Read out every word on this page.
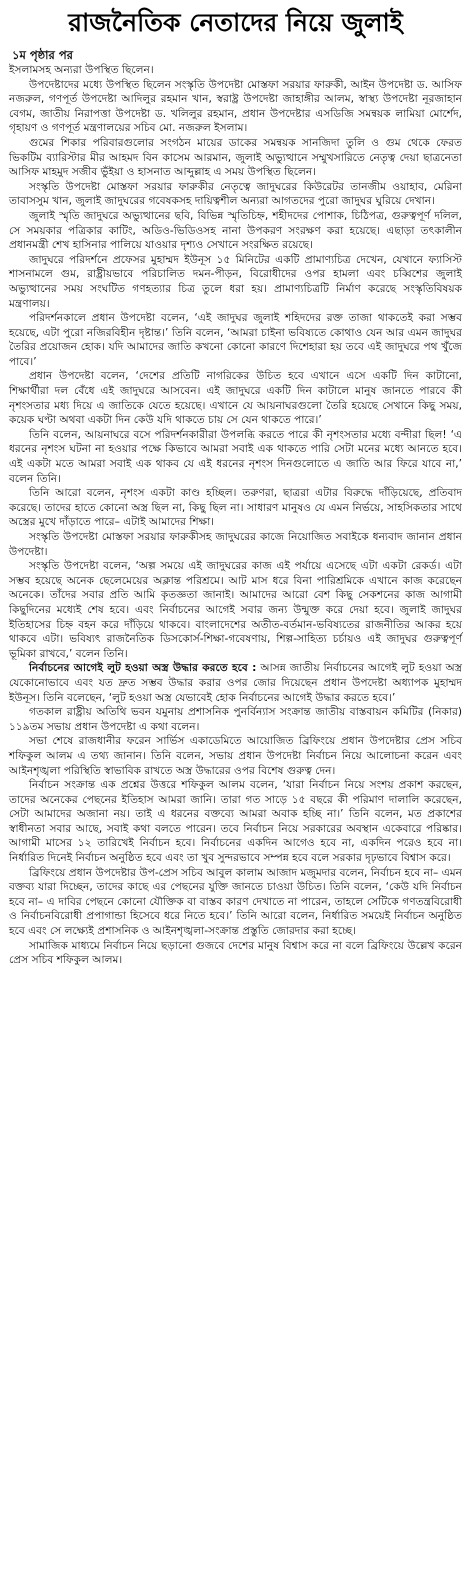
রাজনৈতিক নেতাদের নিয়ে জুলাই
১ম পৃষ্ঠার পর

ইসলামসহ অন্যরা উপস্থিত ছিলেন।

উপদেষ্টাদের মধ্যে উপস্থিত ছিলেন সংস্কৃতি উপদেষ্টা মোস্তফা সরয়ার ফারুকী, আইন উপদেষ্টা ড. আসিফ নজরুল, গণপূর্ত উপদেষ্টা আদিলুর রহমান খান, স্বরাষ্ট্র উপদেষ্টা জাহাঙ্গীর আলম, স্বাস্থ্য উপদেষ্টা নূরজাহান বেগম, জাতীয় নিরাপত্তা উপদেষ্টা ড. খলিলুর রহমান, প্রধান উপদেষ্টার এসডিজি সমন্বয়ক লামিয়া মোর্শেদ, গৃহায়ণ ও গণপূর্ত মন্ত্রণালয়ের সচিব মো. নজরুল ইসলাম।

গুমের শিকার পরিবারগুলোর সংগঠন মায়ের ডাকের সমন্বয়ক সানজিদা তুলি ও গুম থেকে ফেরত ভিকটিম ব্যারিস্টার মীর আহমদ বিন কাসেম আরমান, জুলাই অভ্যুত্থানে সম্মুখসারিতে নেতৃত্ব দেয়া ছাত্রনেতা আসিফ মাহমুদ সজীব ভুঁইয়া ও হাসনাত আব্দুল্লাহ এ সময় উপস্থিত ছিলেন।

সংস্কৃতি উপদেষ্টা মোস্তফা সরয়ার ফারুকীর নেতৃত্বে জাদুঘরের কিউরেটর তানজীম ওয়াহাব, মেরিনা তাবাসসুম খান, জুলাই জাদুঘরের গবেষকসহ দায়িত্বশীল অন্যরা আগতদের পুরো জাদুঘর ঘুরিয়ে দেখান।

জুলাই স্মৃতি জাদুঘরে অভ্যুত্থানের ছবি, বিভিন্ন স্মৃতিচিহ্ন, শহীদদের পোশাক, চিঠিপত্র, গুরুত্বপূর্ণ দলিল, সে সময়কার পত্রিকার কাটিং, অডিও-ভিডিওসহ নানা উপকরণ সংরক্ষণ করা হয়েছে। এছাড়া তৎকালীন প্রধানমন্ত্রী শেখ হাসিনার পালিয়ে যাওয়ার দৃশ্যও সেখানে সংরক্ষিত রয়েছে।

জাদুঘরে পরিদর্শনে প্রফেসর মুহাম্মদ ইউনূস ১৫ মিনিটের একটি প্রামাণ্যচিত্র দেখেন, যেখানে ফ্যাসিস্ট শাসনামলে গুম, রাষ্ট্রীয়ভাবে পরিচালিত দমন-পীড়ন, বিরোধীদের ওপর হামলা এবং চব্বিশের জুলাই অভ্যুত্থানের সময় সংঘটিত গণহত্যার চিত্র তুলে ধরা হয়। প্রামাণ্যচিত্রটি নির্মাণ করেছে সংস্কৃতিবিষয়ক মন্ত্রণালয়।

পরিদর্শনকালে প্রধান উপদেষ্টা বলেন, ‘এই জাদুঘর জুলাই শহিদদের রক্ত তাজা থাকতেই করা সম্ভব হয়েছে, এটা পুরো নজিরবিহীন দৃষ্টান্ত।’ তিনি বলেন, ‘আমরা চাইনা ভবিষ্যতে কোথাও যেন আর এমন জাদুঘর তৈরির প্রয়োজন হোক। যদি আমাদের জাতি কখনো কোনো কারণে দিশেহারা হয় তবে এই জাদুঘরে পথ খুঁজে পাবে।’

প্রধান উপদেষ্টা বলেন, ‘দেশের প্রতিটি নাগরিকের উচিত হবে এখানে এসে একটি দিন কাটানো, শিক্ষার্থীরা দল বেঁধে এই জাদুঘরে আসবেন। এই জাদুঘরে একটি দিন কাটালে মানুষ জানতে পারবে কী নৃশংসতার মধ্য দিয়ে এ জাতিকে যেতে হয়েছে। এখানে যে আয়নাঘরগুলো তৈরি হয়েছে সেখানে কিছু সময়, কয়েক ঘণ্টা অথবা একটা দিন কেউ যদি থাকতে চায় সে যেন থাকতে পারে।’

তিনি বলেন, আয়নাঘরে বসে পরিদর্শনকারীরা উপলব্ধি করতে পারে কী নৃশংসতার মধ্যে বন্দীরা ছিল! ‘এ ধরনের নৃশংস ঘটনা না হওয়ার পক্ষে কিভাবে আমরা সবাই এক থাকতে পারি সেটা মনের মধ্যে আনতে হবে। এই একটা মতে আমরা সবাই এক থাকব যে এই ধরনের নৃশংস দিনগুলোতে এ জাতি আর ফিরে যাবে না,’ বলেন তিনি।

তিনি আরো বলেন, নৃশংস একটা কাণ্ড হচ্ছিল। তরুণরা, ছাত্ররা এটার বিরুদ্ধে দাঁড়িয়েছে, প্রতিবাদ করেছে। তাদের হাতে কোনো অস্ত্র ছিল না, কিছু ছিল না। সাধারণ মানুষও যে এমন নির্ভয়ে, সাহসিকতার সাথে অস্ত্রের মুখে দাঁড়াতে পারে– এটাই আমাদের শিক্ষা।

সংস্কৃতি উপদেষ্টা মোস্তফা সরয়ার ফারুকীসহ জাদুঘরের কাজে নিয়োজিত সবাইকে ধন্যবাদ জানান প্রধান উপদেষ্টা।

সংস্কৃতি উপদেষ্টা বলেন, ‘অল্প সময়ে এই জাদুঘরের কাজ এই পর্যায়ে এসেছে এটা একটা রেকর্ড। এটা সম্ভব হয়েছে অনেক ছেলেমেয়ের অক্লান্ত পরিশ্রমে। আট মাস ধরে বিনা পারিশ্রমিকে এখানে কাজ করেছেন অনেকে। তাঁদের সবার প্রতি আমি কৃতজ্ঞতা জানাই। আমাদের আরো বেশ কিছু সেকশনের কাজ আগামী কিছুদিনের মধ্যেই শেষ হবে। এবং নির্বাচনের আগেই সবার জন্য উন্মুক্ত করে দেয়া হবে। জুলাই জাদুঘর ইতিহাসের চিহ্ন বহন করে দাঁড়িয়ে থাকবে। বাংলাদেশের অতীত-বর্তমান-ভবিষ্যতের রাজনীতির আকর হয়ে থাকবে এটা। ভবিষ্যৎ রাজনৈতিক ডিসকোর্স-শিক্ষা-গবেষণায়, শিল্প-সাহিত্য চর্চায়ও এই জাদুঘর গুরুত্বপূর্ণ ভূমিকা রাখবে,’ বলেন তিনি।

নির্বাচনের আগেই লুট হওয়া অস্ত্র উদ্ধার করতে হবে : আসন্ন জাতীয় নির্বাচনের আগেই লুট হওয়া অস্ত্র যেকোনোভাবে এবং যত দ্রুত সম্ভব উদ্ধার করার ওপর জোর দিয়েছেন প্রধান উপদেষ্টা অধ্যাপক মুহাম্মদ ইউনূস। তিনি বলেছেন, ‘লুট হওয়া অস্ত্র যেভাবেই হোক নির্বাচনের আগেই উদ্ধার করতে হবে।’

গতকাল রাষ্ট্রীয় অতিথি ভবন যমুনায় প্রশাসনিক পুনর্বিন্যাস সংক্রান্ত জাতীয় বাস্তবায়ন কমিটির (নিকার) ১১৯তম সভায় প্রধান উপদেষ্টা এ কথা বলেন।

সভা শেষে রাজধানীর ফরেন সার্ভিস একাডেমিতে আয়োজিত ব্রিফিংয়ে প্রধান উপদেষ্টার প্রেস সচিব শফিকুল আলম এ তথ্য জানান। তিনি বলেন, সভায় প্রধান উপদেষ্টা নির্বাচন নিয়ে আলোচনা করেন এবং আইনশৃঙ্খলা পরিস্থিতি স্বাভাবিক রাখতে অস্ত্র উদ্ধারের ওপর বিশেষ গুরুত্ব দেন।

নির্বাচন সংক্রান্ত এক প্রশ্নের উত্তরে শফিকুল আলম বলেন, ‘যারা নির্বাচন নিয়ে সংশয় প্রকাশ করছেন, তাদের অনেকের পেছনের ইতিহাস আমরা জানি। তারা গত সাড়ে ১৫ বছরে কী পরিমাণ দালালি করেছেন, সেটা আমাদের অজানা নয়। তাই এ ধরনের বক্তব্যে আমরা অবাক হচ্ছি না।’ তিনি বলেন, মত প্রকাশের স্বাধীনতা সবার আছে, সবাই কথা বলতে পারেন। তবে নির্বাচন নিয়ে সরকারের অবস্থান একেবারে পরিষ্কার। আগামী মাসের ১২ তারিখেই নির্বাচন হবে। নির্বাচনের একদিন আগেও হবে না, একদিন পরেও হবে না। নির্ধারিত দিনেই নির্বাচন অনুষ্ঠিত হবে এবং তা খুব সুন্দরভাবে সম্পন্ন হবে বলে সরকার দৃঢ়ভাবে বিশ্বাস করে।

ব্রিফিংয়ে প্রধান উপদেষ্টার উপ-প্রেস সচিব আবুল কালাম আজাদ মজুমদার বলেন, নির্বাচন হবে না– এমন বক্তব্য যারা দিচ্ছেন, তাদের কাছে এর পেছনের যুক্তি জানতে চাওয়া উচিত। তিনি বলেন, ‘কেউ যদি নির্বাচন হবে না– এ দাবির পেছনে কোনো যৌক্তিক বা বাস্তব কারণ দেখাতে না পারেন, তাহলে সেটিকে গণতন্ত্রবিরোধী ও নির্বাচনবিরোধী প্রপাগান্ডা হিসেবে ধরে নিতে হবে।’ তিনি আরো বলেন, নির্ধারিত সময়েই নির্বাচন অনুষ্ঠিত হবে এবং সে লক্ষ্যেই প্রশাসনিক ও আইনশৃঙ্খলা-সংক্রান্ত প্রস্তুতি জোরদার করা হচ্ছে।

সামাজিক মাধ্যমে নির্বাচন নিয়ে ছড়ানো গুজবে দেশের মানুষ বিশ্বাস করে না বলে ব্রিফিংয়ে উল্লেখ করেন প্রেস সচিব শফিকুল আলম।
